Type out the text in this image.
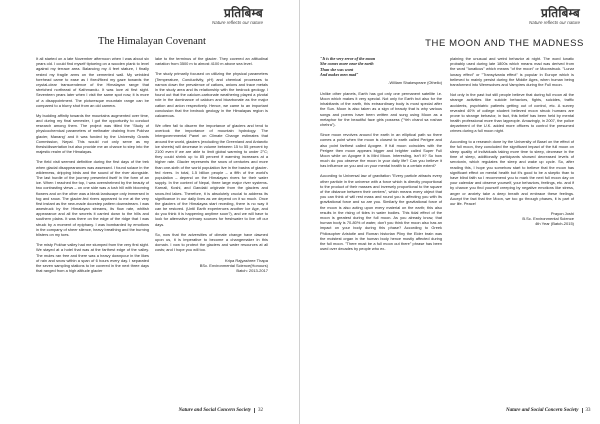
प्रतिबिम्ब
Nature reflects our nature
The Himalayan Covenant

It all started on a late November afternoon when I was about six years old. I could find myself tiptoeing on a wooden plank to level against my terrace area. Balancing my 4 feet stature, I finally rested my fragile arms on the cemented wall. My wrinkled forehead came to ease as I fixed/fixed my gaze towards the crystal-clear transcendence of the Himalayan range that stretched northeast of Kathmandu. It was love at first sight. Seventeen years later when I visit the same spot now, it is more of a disappointment. The picturesque mountain range can be compared to a blurry shot from an old camera.

My budding affinity towards the mountains augmented over time, and during my final semester, I got the opportunity to conduct research among them. The project was titled the 'Study of physicochemical parameters of meltwater draining from Pokhar glacier, Manang' and it was funded by the University Grants Commission, Nepal. This would not only serve as my thesis/dissertation but also provide me an chance to step into the majestic realm of the Himalayas.

The field visit seemed definitive during the first days of the trek when glacial disappearances was assessed. I found solace in the wilderness, dripping birds and the sound of the river alongside. The last hurdle of the journey presented itself in the form of an ice. When I reached the top, I was overwhelmed by the beauty of two contrasting views – on one side was a lush hill with blooming flowers and on the other was a bleak landscape only immersed in fog and snow. The glacier-fed rivers appeared to me at the very first instant as the new-made doorstep pattern downstream. I was awestruck by the Himalayan streams, its flow rate, whitish appearance and all the secrets it carried down to the hills and southern plains. It was there on the edge of the ridge that I was struck by a moment of epiphany. I was bombarded by emotions in the company of sheer silence, heavy breathing and the burning blisters on my toes.

The misty Pokhar valley had me stumped from the very first sight. We stayed at a hotel that was at the farthest edge of the valley. The mules ran free and there was a heavy downpour in the likes of rain and snow within a span of 6 hours every day. I separated the seven sampling stations to be covered in the next three days that ranged from a high altitude glacier

lake to the terminus of the glacier. They covered an altitudinal variation from 3500 m to almost 4100 m above sea level.

The study primarily focused on utilizing the physical parameters (Temperature, Conductivity, pH) and chemical processes to narrow down the prevalence of cations, anions and trace metals in the study area and its relationship with the bedrock geology. I found out that the calcium-carbonate weathering played a pivotal role in the dominance of calcium and bicarbonate as the major cation and anion respectively. Hence, we came to an important conclusion that the bedrock geology in the Himalayas region is calcareous.

We often fail to discern the importance of glaciers and tend to overlook the importance of mountain hydrology. The Intergovernmental Panel on Climate Change estimates that around the world, glaciers (excluding the Greenland and Antarctic ice sheets) will decrease in volume between 15 to 55 percent by 2100 even if we are able to limit global warming to under 2°C; they could shrink up to 85 percent if warming increases at a higher rate. Glacier represents the snow of centuries and more than one-sixth of the world population live in the basins of glacier-fed rivers. In total, 1.5 billion people – a fifth of the world's population – depend on the Himalayan rivers for their water supply. In the context of Nepal, three large major river systems-Karnali, Koshi, and Gandaki originate from the glaciers and snow-fed lakes. Therefore, it is absolutely crucial to address its significance in our daily lives as we depend on it so much. Once the glaciers of the Himalayas start receding, there is no way it can be restored. (Until Earth experiences another Ice Age, and do you think it is happening anytime soon?), and we will have to look for alternative primary sources for freshwater to live off our days.

So, now that the adversities of climate change have dawned upon us, it is imperative to become a changemaker in this domain. I vow to protect the glaciers and water resources at all costs; and I hope you will too.

Kripa Rajyashree Thapa
BSc. Environmental Science(Honours)
Batch: 2013-2017
Nature and Social Concern Society 32
प्रतिबिम्ब
Nature reflects our nature
THE MOON AND THE MADNESS
"It is the very error of the moon
She comes more near the earth
Than she was wont
And makes men mad"
-William Shakespeare (Othello)

Unlike other planets, Earth has got only one permanent satellite i.e. Moon which makes it very special. Not only for Earth but also for the inhabitants of the earth, this extraordinary body is most special after the Sun. Moon is also taken as a sign of beauty that is why various songs and poems have been written and sung using Moon as a metaphor for the beautiful face girls possess ("Yeh chand sa roshan chehra").

Since moon revolves around the earth in an elliptical path so there comes a point when the moon is closest to earth called Perigee and also point farthest called Apogee. If full moon coincides with the Perigee then moon appears bigger and brighter called Super Full Moon while on Apogee it is Mini Moon. Interesting, isn't it? So how much do you observe the moon in your daily life? Can you believe it has influence on you and on your mental health to a certain extent?

According to Universal law of gravitation "Every particle attracts every other particle in the universe with a force which is directly proportional to the product of their masses and inversely proportional to the square of the distance between their centers", which means every object that you can think of will rest mass and round you is affecting you with its gravitational force and so are you. Similarly the gravitational force of the moon is also acting upon every material on the earth; this also results in the rising of tides in water bodies. This tidal effect of the moon is greatest during the full moon. As you already know, that human body is 70-80% of water, don't you think the moon also has an impact on your body during this phase? According to Greek Philosopher Aristotle and Roman historian Pliny the Elder brain was the moistest organ in the human body hence mostly affected during the full moon. "There must be a full moon out there" phrase has been used over decades by people who ex-

plaining the unusual and weird behavior at night. The word lunatic probably used during late 1800s which means mad was derived from the word "lunaticus" which means "of the moon" or Moonstruck. "Lunar lunacy effect" or "Transylvania effect" is popular in Europe which is believed to mainly persist during the Middle Ages, when human being transformed into Werewolves and Vampires during the Full moon.

Not only in the past but still people believe that during full moon all the strange activities like suicide behaviors, fights, suicides, traffic accidents, psychiatric patients getting out of control, etc. A survey revealed 40% of college student believed moon struck humans are prone to strange behavior, in fact, this belief has been held by mental health professional more than laypeople. Amazingly, in 2007, the police department of the U.K. added more officers to control the presumed crimes during a full moon night.

According to a research done by the University of Basel on the effect of the full moon, they concluded the significant impact of the full moon on sleep quality of individuals taking more time to sleep, decrease in the time of sleep, additionally participants showed decreased levels of serotonin, which regulates the sleep and wake up cycle. So, after reading this, I hope you somehow start to believe that the moon has significant effect on mental health but it's good to be a skeptic than to have blind faith so I recommend you to mark the next full moon day on your calendar and observe yourself, your behaviors, feelings, etc. and if by chance you find yourself creeping by negative emotions like stress, anger or anxiety take a deep breath and embrace these feelings. Accept the fact that the Moon, we too go through phases, it is part of our life. Peace!

Prayon Joshi
B.Sc. Environmental Science
4th Year (Batch-2015)
Nature and Social Concern Society 33
